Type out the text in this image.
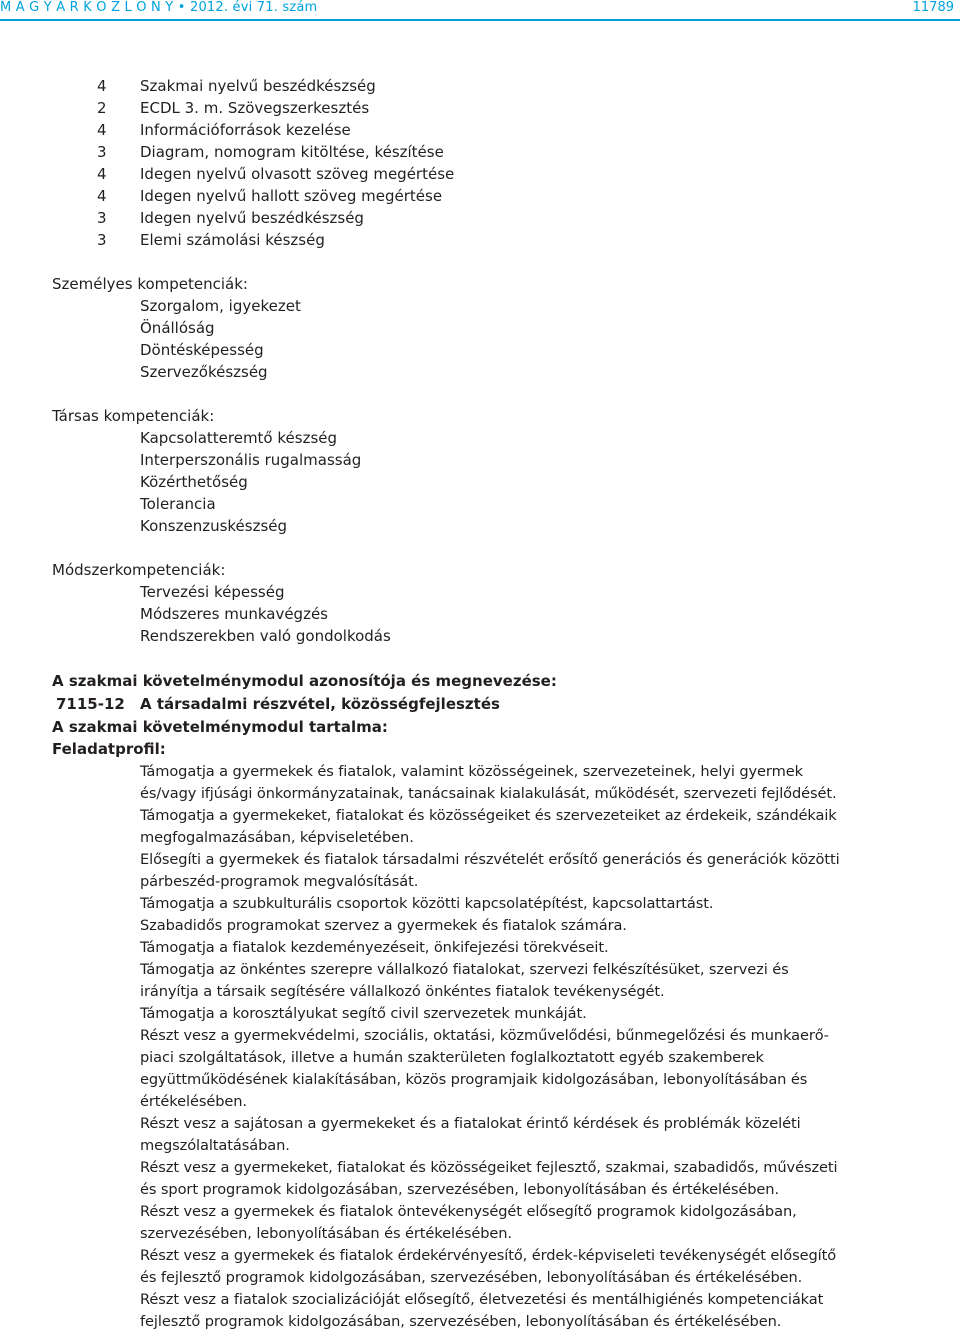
M A G Y A R K Ö Z L Ö N Y • 2012. évi 71. szám	11789
4 Szakmai nyelvű beszédkészség
2 ECDL 3. m. Szövegszerkesztés
4 Információforrások kezelése
3 Diagram, nomogram kitöltése, készítése
4 Idegen nyelvű olvasott szöveg megértése
4 Idegen nyelvű hallott szöveg megértése
3 Idegen nyelvű beszédkészség
3 Elemi számolási készség
Személyes kompetenciák:
Szorgalom, igyekezet
Önállóság
Döntésképesség
Szervezőkészség
Társas kompetenciák:
Kapcsolatteremtő készség
Interperszonális rugalmasság
Közérthetőség
Tolerancia
Konszenzuskészség
Módszerkompetenciák:
Tervezési képesség
Módszeres munkavégzés
Rendszerekben való gondolkodás
A szakmai követelménymodul azonosítója és megnevezése:
7115-12 A társadalmi részvétel, közösségfejlesztés
A szakmai követelménymodul tartalma:
Feladatprofil:
Támogatja a gyermekek és fiatalok, valamint közösségeinek, szervezeteinek, helyi gyermek
és/vagy ifjúsági önkormányzatainak, tanácsainak kialakulását, működését, szervezeti fejlődését.
Támogatja a gyermekeket, fiatalokat és közösségeiket és szervezeteiket az érdekeik, szándékaik
megfogalmazásában, képviseletében.
Elősegíti a gyermekek és fiatalok társadalmi részvételét erősítő generációs és generációk közötti
párbeszéd-programok megvalósítását.
Támogatja a szubkulturális csoportok közötti kapcsolatépítést, kapcsolattartást.
Szabadidős programokat szervez a gyermekek és fiatalok számára.
Támogatja a fiatalok kezdeményezéseit, önkifejezési törekvéseit.
Támogatja az önkéntes szerepre vállalkozó fiatalokat, szervezi felkészítésüket, szervezi és
irányítja a társaik segítésére vállalkozó önkéntes fiatalok tevékenységét.
Támogatja a korosztályukat segítő civil szervezetek munkáját.
Részt vesz a gyermekvédelmi, szociális, oktatási, közművelődési, bűnmegelőzési és munkaerő-
piaci szolgáltatások, illetve a humán szakterületen foglalkoztatott egyéb szakemberek
együttműködésének kialakításában, közös programjaik kidolgozásában, lebonyolításában és
értékelésében.
Részt vesz a sajátosan a gyermekeket és a fiatalokat érintő kérdések és problémák közeléti
megszólaltatásában.
Részt vesz a gyermekeket, fiatalokat és közösségeiket fejlesztő, szakmai, szabadidős, művészeti
és sport programok kidolgozásában, szervezésében, lebonyolításában és értékelésében.
Részt vesz a gyermekek és fiatalok öntevékenységét elősegítő programok kidolgozásában,
szervezésében, lebonyolításában és értékelésében.
Részt vesz a gyermekek és fiatalok érdekérvényesítő, érdek-képviseleti tevékenységét elősegítő
és fejlesztő programok kidolgozásában, szervezésében, lebonyolításában és értékelésében.
Részt vesz a fiatalok szocializációját elősegítő, életvezetési és mentálhigiénés kompetenciákat
fejlesztő programok kidolgozásában, szervezésében, lebonyolításában és értékelésében.
